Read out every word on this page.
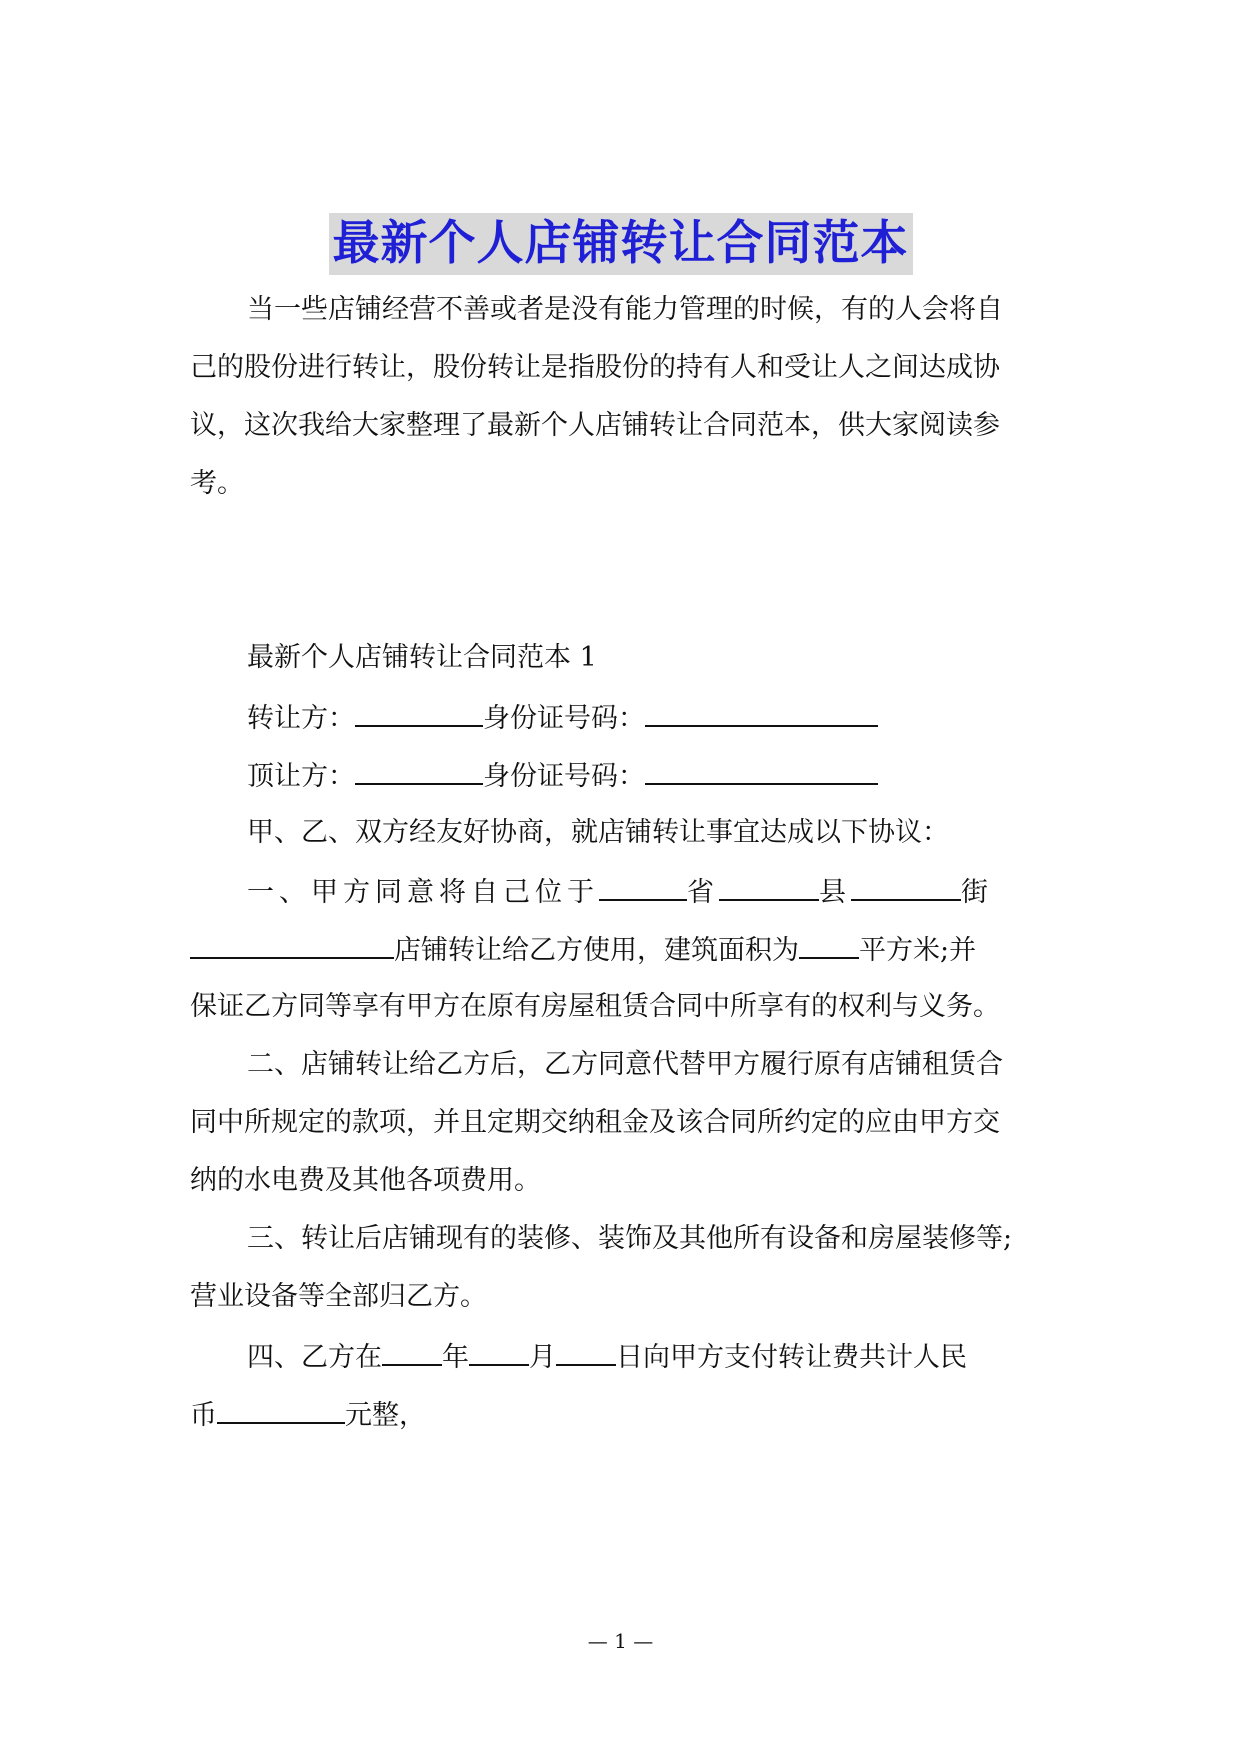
最新个人店铺转让合同范本
当一些店铺经营不善或者是没有能力管理的时候，有的人会将自
己的股份进行转让，股份转让是指股份的持有人和受让人之间达成协
议，这次我给大家整理了最新个人店铺转让合同范本，供大家阅读参
考。
最新个人店铺转让合同范本 1
转让方：	身份证号码：
顶让方：	身份证号码：
甲、乙、双方经友好协商，就店铺转让事宜达成以下协议：
一、甲方同意将自己位于	省	县	街
店铺转让给乙方使用，建筑面积为 平方米;并
保证乙方同等享有甲方在原有房屋租赁合同中所享有的权利与义务。
二、店铺转让给乙方后，乙方同意代替甲方履行原有店铺租赁合
同中所规定的款项，并且定期交纳租金及该合同所约定的应由甲方交
纳的水电费及其他各项费用。
三、转让后店铺现有的装修、装饰及其他所有设备和房屋装修等;
营业设备等全部归乙方。
四、乙方在 年 月 日向甲方支付转让费共计人民
币	元整，
— 1 —
